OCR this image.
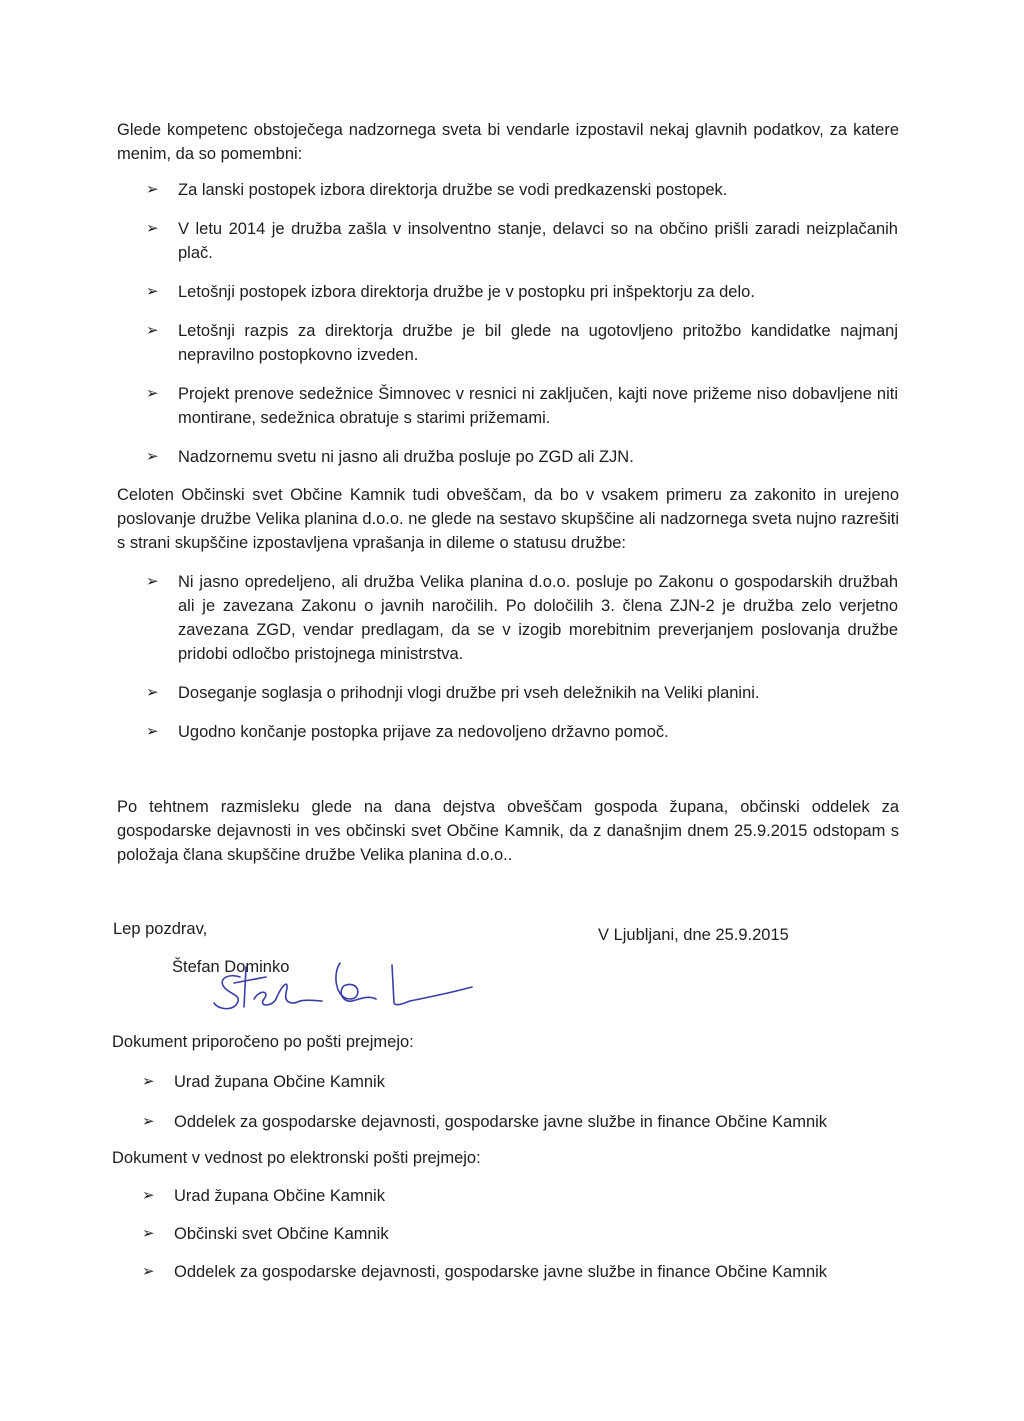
Glede kompetenc obstoječega nadzornega sveta bi vendarle izpostavil nekaj glavnih podatkov, za katere menim, da so pomembni:

➢ Za lanski postopek izbora direktorja družbe se vodi predkazenski postopek.
➢ V letu 2014 je družba zašla v insolventno stanje, delavci so na občino prišli zaradi neizplačanih plač.
➢ Letošnji postopek izbora direktorja družbe je v postopku pri inšpektorju za delo.
➢ Letošnji razpis za direktorja družbe je bil glede na ugotovljeno pritožbo kandidatke najmanj nepravilno postopkovno izveden.
➢ Projekt prenove sedežnice Šimnovec v resnici ni zaključen, kajti nove prižeme niso dobavljene niti montirane, sedežnica obratuje s starimi prižemami.
➢ Nadzornemu svetu ni jasno ali družba posluje po ZGD ali ZJN.

Celoten Občinski svet Občine Kamnik tudi obveščam, da bo v vsakem primeru za zakonito in urejeno poslovanje družbe Velika planina d.o.o. ne glede na sestavo skupščine ali nadzornega sveta nujno razrešiti s strani skupščine izpostavljena vprašanja in dileme o statusu družbe:

➢ Ni jasno opredeljeno, ali družba Velika planina d.o.o. posluje po Zakonu o gospodarskih družbah ali je zavezana Zakonu o javnih naročilih. Po določilih 3. člena ZJN-2 je družba zelo verjetno zavezana ZGD, vendar predlagam, da se v izogib morebitnim preverjanjem poslovanja družbe pridobi odločbo pristojnega ministrstva.
➢ Doseganje soglasja o prihodnji vlogi družbe pri vseh deležnikih na Veliki planini.
➢ Ugodno končanje postopka prijave za nedovoljeno državno pomoč.

Po tehtnem razmisleku glede na dana dejstva obveščam gospoda župana, občinski oddelek za gospodarske dejavnosti in ves občinski svet Občine Kamnik, da z današnjim dnem 25.9.2015 odstopam s položaja člana skupščine družbe Velika planina d.o.o..

Lep pozdrav,	V Ljubljani, dne 25.9.2015
Štefan Dominko
Dokument priporočeno po pošti prejmejo:
➢ Urad župana Občine Kamnik
➢ Oddelek za gospodarske dejavnosti, gospodarske javne službe in finance Občine Kamnik
Dokument v vednost po elektronski pošti prejmejo:
➢ Urad župana Občine Kamnik
➢ Občinski svet Občine Kamnik
➢ Oddelek za gospodarske dejavnosti, gospodarske javne službe in finance Občine Kamnik
